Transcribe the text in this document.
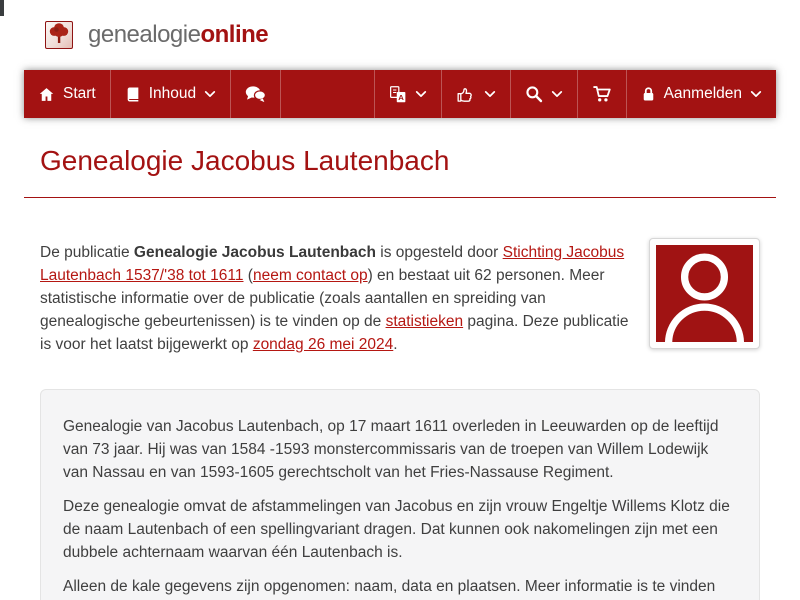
genealogieonline
Start	Inhoud	A	Aanmelden
Genealogie Jacobus Lautenbach

De publicatie Genealogie Jacobus Lautenbach is opgesteld door Stichting Jacobus Lautenbach 1537/'38 tot 1611 (neem contact op) en bestaat uit 62 personen. Meer statistische informatie over de publicatie (zoals aantallen en spreiding van genealogische gebeurtenissen) is te vinden op de statistieken pagina. Deze publicatie is voor het laatst bijgewerkt op zondag 26 mei 2024.

Genealogie van Jacobus Lautenbach, op 17 maart 1611 overleden in Leeuwarden op de leeftijd van 73 jaar. Hij was van 1584 -1593 monstercommissaris van de troepen van Willem Lodewijk van Nassau en van 1593-1605 gerechtscholt van het Fries-Nassause Regiment.

Deze genealogie omvat de afstammelingen van Jacobus en zijn vrouw Engeltje Willems Klotz die de naam Lautenbach of een spellingvariant dragen. Dat kunnen ook nakomelingen zijn met een dubbele achternaam waarvan één Lautenbach is.

Alleen de kale gegevens zijn opgenomen: naam, data en plaatsen. Meer informatie is te vinden
